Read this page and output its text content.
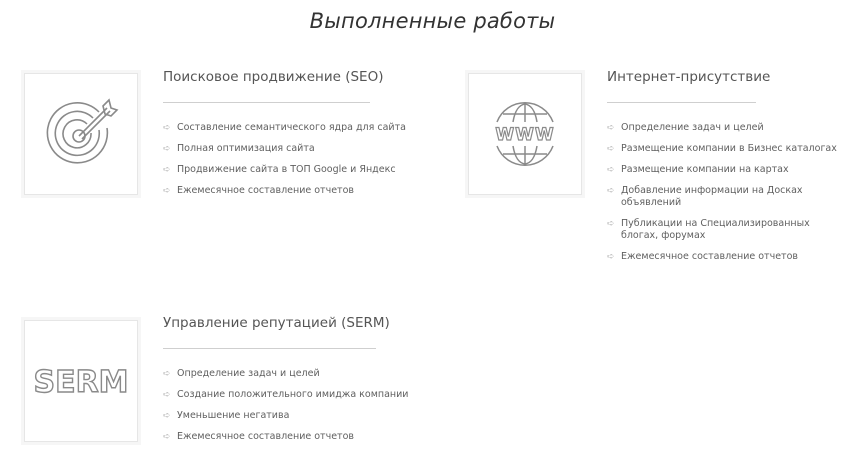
Выполненные работы
Поисковое продвижение (SEO)
➪ Составление семантического ядра для сайта
➪ Полная оптимизация сайта
➪ Продвижение сайта в ТОП Google и Яндекс
➪ Ежемесячное составление отчетов
WWW
Интернет-присутствие
➪ Определение задач и целей
➪ Размещение компании в Бизнес каталогах
➪ Размещение компании на картах
➪ Добавление информации на Досках объявлений
➪ Публикации на Специализированных блогах, форумах
➪ Ежемесячное составление отчетов
SERM
Управление репутацией (SERM)
➪ Определение задач и целей
➪ Создание положительного имиджа компании
➪ Уменьшение негатива
➪ Ежемесячное составление отчетов
